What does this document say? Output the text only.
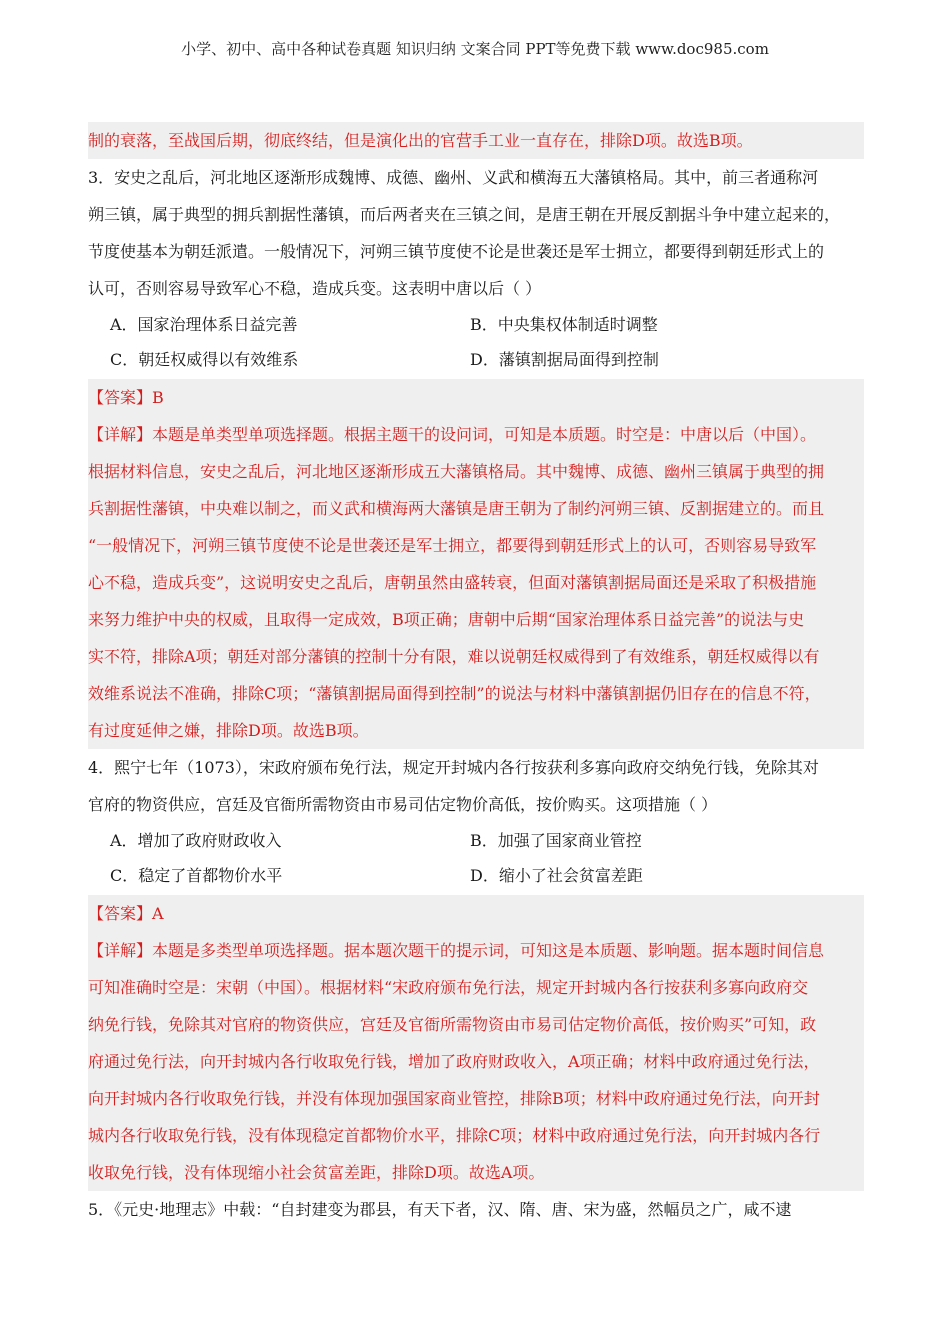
小学、初中、高中各种试卷真题 知识归纳 文案合同 PPT等免费下载 www.doc985.com
制的衰落，至战国后期，彻底终结，但是演化出的官营手工业一直存在，排除D项。故选B项。
3．安史之乱后，河北地区逐渐形成魏博、成德、幽州、义武和横海五大藩镇格局。其中，前三者通称河
朔三镇，属于典型的拥兵割据性藩镇，而后两者夹在三镇之间，是唐王朝在开展反割据斗争中建立起来的，
节度使基本为朝廷派遣。一般情况下，河朔三镇节度使不论是世袭还是军士拥立，都要得到朝廷形式上的
认可，否则容易导致军心不稳，造成兵变。这表明中唐以后（ ）
A．国家治理体系日益完善	B．中央集权体制适时调整
C．朝廷权威得以有效维系	D．藩镇割据局面得到控制
【答案】B
【详解】本题是单类型单项选择题。根据主题干的设问词，可知是本质题。时空是：中唐以后（中国）。
根据材料信息，安史之乱后，河北地区逐渐形成五大藩镇格局。其中魏博、成德、幽州三镇属于典型的拥
兵割据性藩镇，中央难以制之，而义武和横海两大藩镇是唐王朝为了制约河朔三镇、反割据建立的。而且
“一般情况下，河朔三镇节度使不论是世袭还是军士拥立，都要得到朝廷形式上的认可，否则容易导致军
心不稳，造成兵变”，这说明安史之乱后，唐朝虽然由盛转衰，但面对藩镇割据局面还是采取了积极措施
来努力维护中央的权威，且取得一定成效，B项正确；唐朝中后期“国家治理体系日益完善”的说法与史
实不符，排除A项；朝廷对部分藩镇的控制十分有限，难以说朝廷权威得到了有效维系，朝廷权威得以有
效维系说法不准确，排除C项；“藩镇割据局面得到控制”的说法与材料中藩镇割据仍旧存在的信息不符，
有过度延伸之嫌，排除D项。故选B项。
4．熙宁七年（1073），宋政府颁布免行法，规定开封城内各行按获利多寡向政府交纳免行钱，免除其对
官府的物资供应，宫廷及官衙所需物资由市易司估定物价高低，按价购买。这项措施（ ）
A．增加了政府财政收入	B．加强了国家商业管控
C．稳定了首都物价水平	D．缩小了社会贫富差距
【答案】A
【详解】本题是多类型单项选择题。据本题次题干的提示词，可知这是本质题、影响题。据本题时间信息
可知准确时空是：宋朝（中国）。根据材料“宋政府颁布免行法，规定开封城内各行按获利多寡向政府交
纳免行钱，免除其对官府的物资供应，宫廷及官衙所需物资由市易司估定物价高低，按价购买”可知，政
府通过免行法，向开封城内各行收取免行钱，增加了政府财政收入，A项正确；材料中政府通过免行法，
向开封城内各行收取免行钱，并没有体现加强国家商业管控，排除B项；材料中政府通过免行法，向开封
城内各行收取免行钱，没有体现稳定首都物价水平，排除C项；材料中政府通过免行法，向开封城内各行
收取免行钱，没有体现缩小社会贫富差距，排除D项。故选A项。
5．《元史·地理志》中载：“自封建变为郡县，有天下者，汉、隋、唐、宋为盛，然幅员之广，咸不逮
